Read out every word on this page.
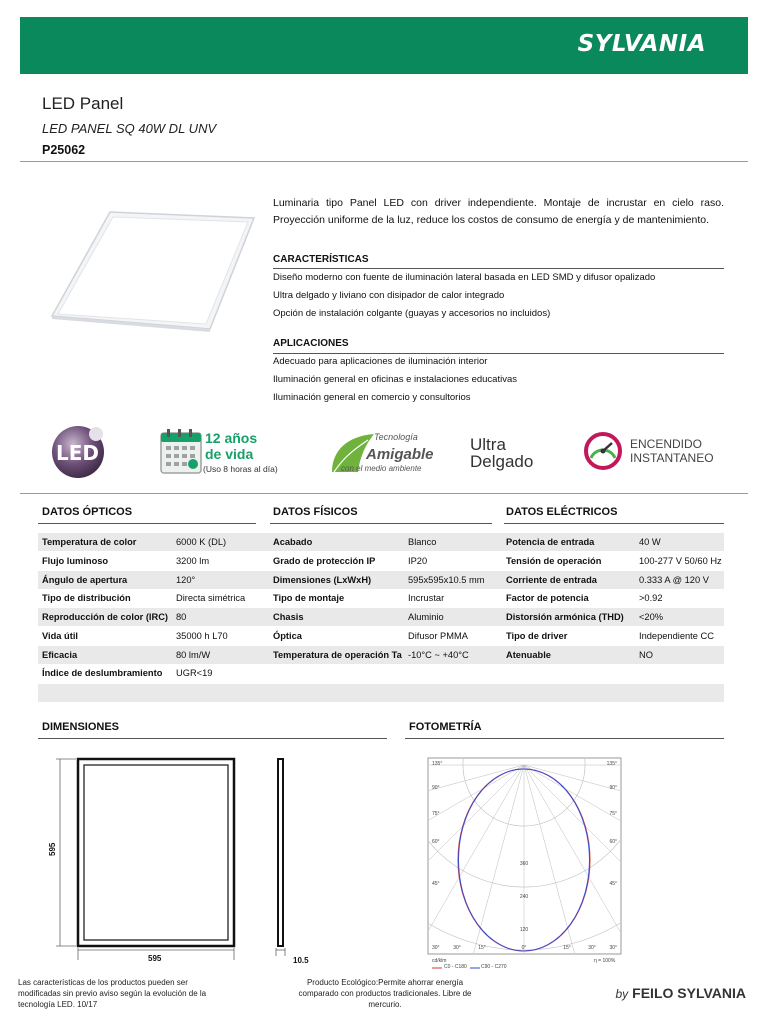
SYLVANIA
LED Panel
LED PANEL SQ 40W DL UNV
P25062
Luminaria tipo Panel LED con driver independiente. Montaje de incrustar en cielo raso. Proyección uniforme de la luz, reduce los costos de consumo de energía y de mantenimiento.
CARACTERÍSTICAS
Diseño moderno con fuente de iluminación lateral basada en LED SMD y difusor opalizado
Ultra delgado y liviano con disipador de calor integrado
Opción de instalación colgante (guayas y accesorios no incluidos)
APLICACIONES
Adecuado para aplicaciones de iluminación interior
Iluminación general en oficinas e instalaciones educativas
Iluminación general en comercio y consultorios
LED
12 años
de vida
(Uso 8 horas al día)
Tecnología
Amigable
con el medio ambiente
Ultra
Delgado
ENCENDIDO
INSTANTANEO
DATOS ÓPTICOS	DATOS FÍSICOS	DATOS ELÉCTRICOS
Temperatura de color	6000 K (DL)
Flujo luminoso	3200 lm
Ángulo de apertura	120°
Tipo de distribución	Directa simétrica
Reproducción de color (IRC) 80
Vida útil	35000 h L70
Eficacia	80 lm/W
Índice de deslumbramiento UGR<19
Acabado	Blanco
Grado de protección IP	IP20
Dimensiones (LxWxH)	595x595x10.5 mm
Tipo de montaje	Incrustar
Chasis	Aluminio
Óptica	Difusor PMMA
Temperatura de operación Ta -10°C ~ +40°C
Potencia de entrada	40 W
Tensión de operación	100-277 V 50/60 Hz
Corriente de entrada	0.333 A @ 120 V
Factor de potencia	>0.92
Distorsión armónica (THD) <20%
Tipo de driver	Independiente CC
Atenuable	NO
DIMENSIONES	FOTOMETRÍA
595
595	10.5
360
240
120
135°
90°
75°
60°
45°
30°
135°
90°
75°
60°
45°
30°
30°	15°	0°	15°	30°
cd/klm
C0 - C180	C90 - C270
η = 100%
Las características de los productos pueden ser modificadas sin previo aviso según la evolución de la tecnología LED. 10/17
Producto Ecológico:Permite ahorrar energía comparado con productos tradicionales. Libre de mercurio.
by FEILO SYLVANIA
